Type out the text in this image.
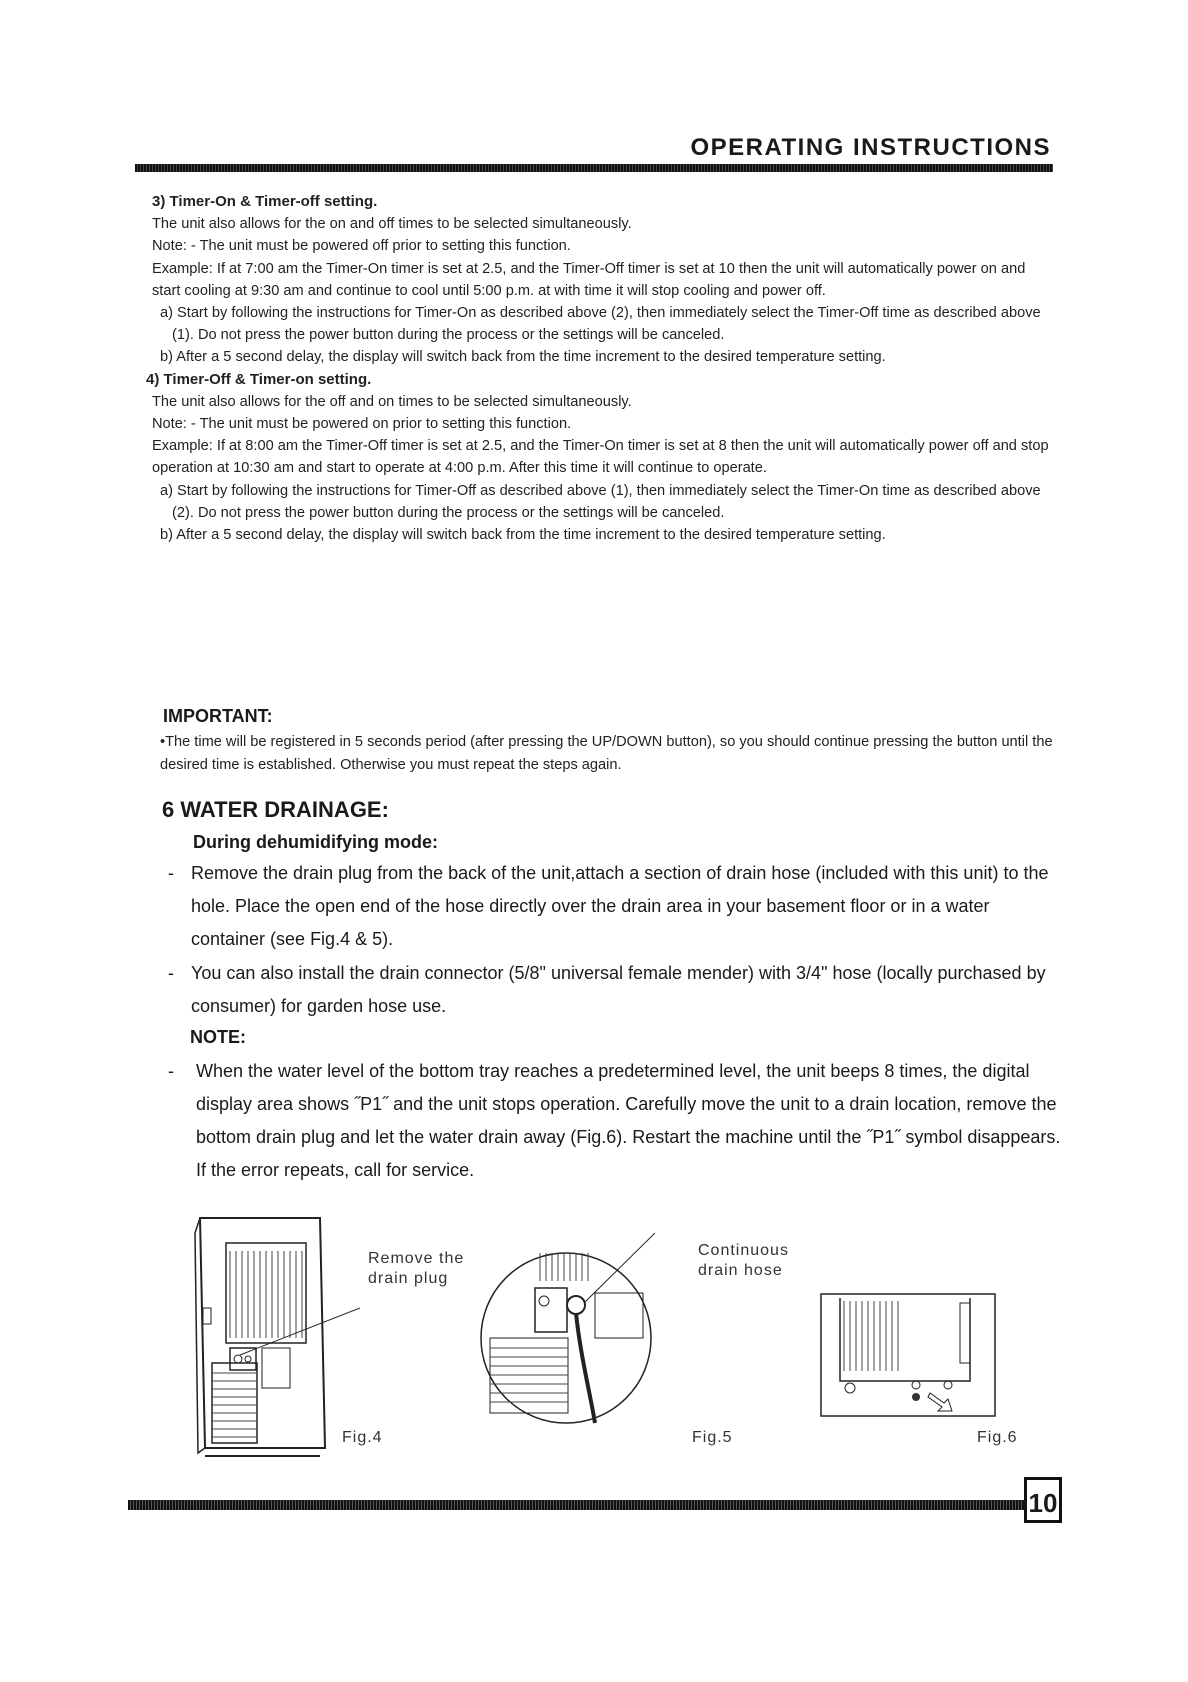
OPERATING INSTRUCTIONS

3) Timer-On & Timer-off setting.

The unit also allows for the on and off times to be selected simultaneously.

Note: - The unit must be powered off prior to setting this function.

Example: If at 7:00 am the Timer-On timer is set at 2.5, and the Timer-Off timer is set at 10 then the unit will automatically power on and start cooling at 9:30 am and continue to cool until 5:00 p.m. at with time it will stop cooling and power off.

a) Start by following the instructions for Timer-On as described above (2), then immediately select the Timer-Off time as described above (1). Do not press the power button during the process or the settings will be canceled.

b) After a 5 second delay, the display will switch back from the time increment to the desired temperature setting.

4) Timer-Off & Timer-on setting.

The unit also allows for the off and on times to be selected simultaneously.

Note: - The unit must be powered on prior to setting this function.

Example: If at 8:00 am the Timer-Off timer is set at 2.5, and the Timer-On timer is set at 8 then the unit will automatically power off and stop operation at 10:30 am and start to operate at 4:00 p.m. After this time it will continue to operate.

a) Start by following the instructions for Timer-Off as described above (1), then immediately select the Timer-On time as described above (2). Do not press the power button during the process or the settings will be canceled.

b) After a 5 second delay, the display will switch back from the time increment to the desired temperature setting.

IMPORTANT:
•The time will be registered in 5 seconds period (after pressing the UP/DOWN button), so you should continue pressing the button until the desired time is established. Otherwise you must repeat the steps again.
6 WATER DRAINAGE:
During dehumidifying mode:
- Remove the drain plug from the back of the unit,attach a section of drain hose (included with this unit) to the hole. Place the open end of the hose directly over the drain area in your basement floor or in a water container (see Fig.4 & 5).
- You can also install the drain connector (5/8" universal female mender) with 3/4" hose (locally purchased by consumer) for garden hose use.
NOTE:
- When the water level of the bottom tray reaches a predetermined level, the unit beeps 8 times, the digital display area shows ˝P1˝ and the unit stops operation. Carefully move the unit to a drain location, remove the bottom drain plug and let the water drain away (Fig.6). Restart the machine until the ˝P1˝ symbol disappears. If the error repeats, call for service.
Remove the
drain plug
Fig.4
Continuous
drain hose
Fig.5	Fig.6
10
